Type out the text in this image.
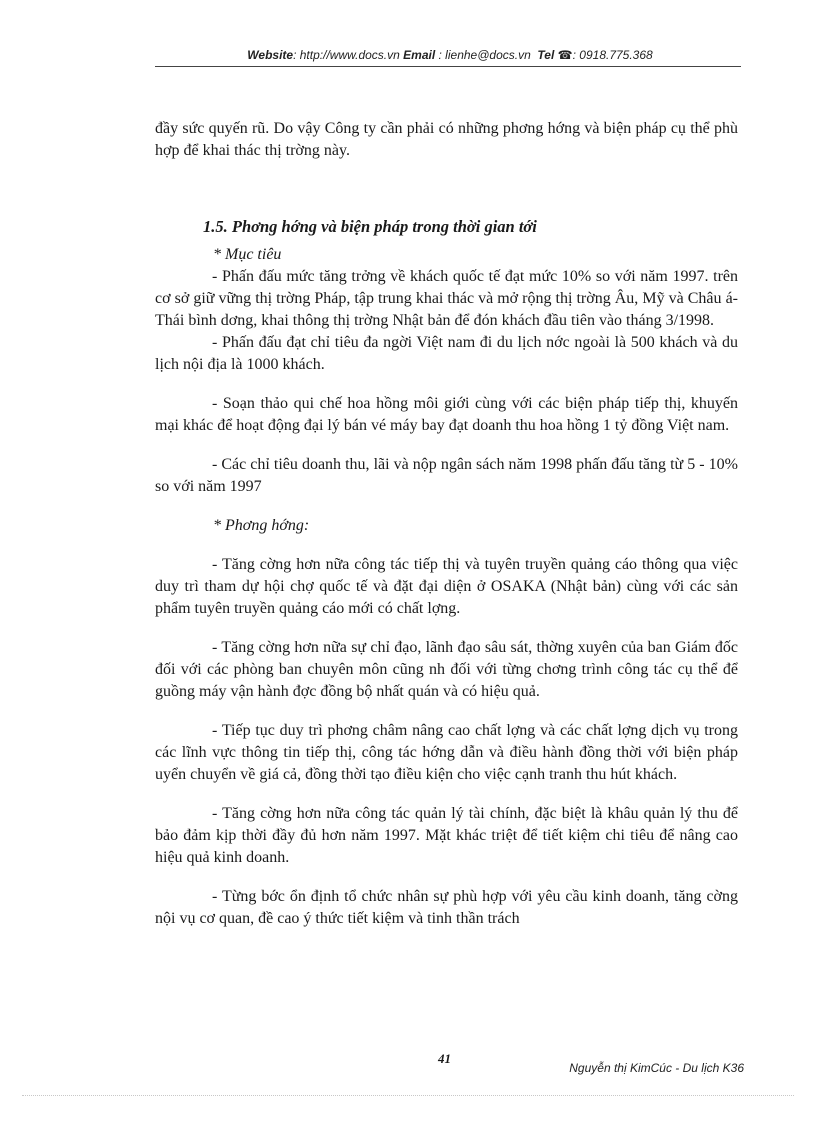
Website: http://www.docs.vn Email : lienhe@docs.vn Tel ☎: 0918.775.368

đầy sức quyến rũ. Do vậy Công ty cần phải có những phơng hớng và biện pháp cụ thể phù hợp để khai thác thị trờng này.

1.5. Phơng hớng và biện pháp trong thời gian tới

* Mục tiêu

- Phấn đấu mức tăng trởng về khách quốc tế đạt mức 10% so với năm 1997. trên cơ sở giữ vững thị trờng Pháp, tập trung khai thác và mở rộng thị trờng Âu, Mỹ và Châu á-Thái bình dơng, khai thông thị trờng Nhật bản để đón khách đầu tiên vào tháng 3/1998.

- Phấn đấu đạt chỉ tiêu đa ngời Việt nam đi du lịch nớc ngoài là 500 khách và du lịch nội địa là 1000 khách.

- Soạn thảo qui chế hoa hồng môi giới cùng với các biện pháp tiếp thị, khuyến mại khác để hoạt động đại lý bán vé máy bay đạt doanh thu hoa hồng 1 tỷ đồng Việt nam.

- Các chỉ tiêu doanh thu, lãi và nộp ngân sách năm 1998 phấn đấu tăng từ 5 - 10% so với năm 1997

* Phơng hớng:

- Tăng cờng hơn nữa công tác tiếp thị và tuyên truyền quảng cáo thông qua việc duy trì tham dự hội chợ quốc tế và đặt đại diện ở OSAKA (Nhật bản) cùng với các sản phẩm tuyên truyền quảng cáo mới có chất lợng.

- Tăng cờng hơn nữa sự chỉ đạo, lãnh đạo sâu sát, thờng xuyên của ban Giám đốc đối với các phòng ban chuyên môn cũng nh đối với từng chơng trình công tác cụ thể để guồng máy vận hành đợc đồng bộ nhất quán và có hiệu quả.

- Tiếp tục duy trì phơng châm nâng cao chất lợng và các chất lợng dịch vụ trong các lĩnh vực thông tin tiếp thị, công tác hớng dẫn và điều hành đồng thời với biện pháp uyển chuyển về giá cả, đồng thời tạo điều kiện cho việc cạnh tranh thu hút khách.

- Tăng cờng hơn nữa công tác quản lý tài chính, đặc biệt là khâu quản lý thu để bảo đảm kịp thời đầy đủ hơn năm 1997. Mặt khác triệt để tiết kiệm chi tiêu để nâng cao hiệu quả kinh doanh.

- Từng bớc ổn định tổ chức nhân sự phù hợp với yêu cầu kinh doanh, tăng cờng nội vụ cơ quan, đề cao ý thức tiết kiệm và tinh thần trách

41
Nguyễn thị KimCúc - Du lịch K36
